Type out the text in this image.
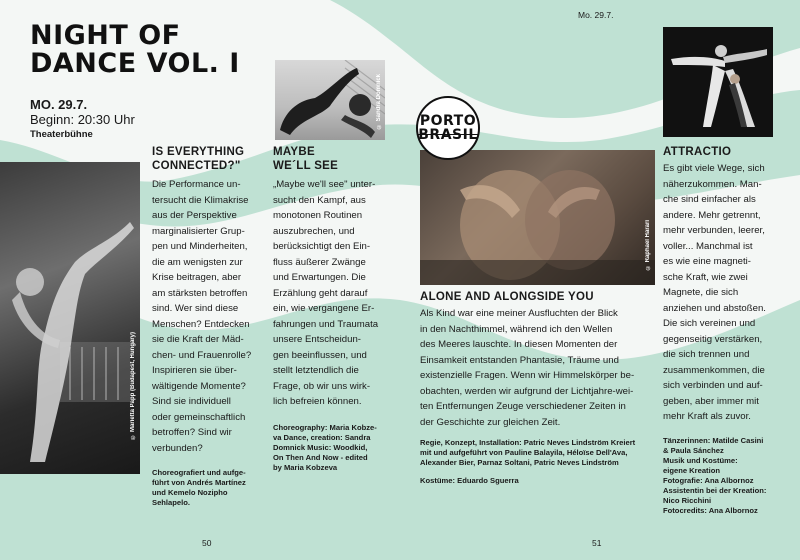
NIGHT OF
DANCE VOL. I
MO. 29.7.
Beginn: 20:30 Uhr
Theaterbühne
Mo. 29.7.
© Marietta Papp (Budapest, Hungary)
IS EVERYTHING
CONNECTED?"
Die Performance un-
tersucht die Klimakrise
aus der Perspektive
marginalisierter Grup-
pen und Minderheiten,
die am wenigsten zur
Krise beitragen, aber
am stärksten betroffen
sind. Wer sind diese
Menschen? Entdecken
sie die Kraft der Mäd-
chen- und Frauenrolle?
Inspirieren sie über-
wältigende Momente?
Sind sie individuell
oder gemeinschaftlich
betroffen? Sind wir
verbunden?
Choreografiert und aufge-
führt von Andrés Martínez
und Kemelo Nozipho
Sehlapelo.
© Sandra Domnick
MAYBE
WE´LL SEE
„Maybe we'll see" unter-
sucht den Kampf, aus
monotonen Routinen
auszubrechen, und
berücksichtigt den Ein-
fluss äußerer Zwänge
und Erwartungen. Die
Erzählung geht darauf
ein, wie vergangene Er-
fahrungen und Traumata
unsere Entscheidun-
gen beeinflussen, und
stellt letztendlich die
Frage, ob wir uns wirk-
lich befreien können.
Choreography: Maria Kobze-
va Dance, creation: Sandra
Domnick Music: Woodkid,
On Then And Now - edited
by Maria Kobzeva
© Raphael Harari
PORTO
BRASIL
ALONE AND ALONGSIDE YOU
Als Kind war eine meiner Ausfluchten der Blick
in den Nachthimmel, während ich den Wellen
des Meeres lauschte. In diesen Momenten der
Einsamkeit entstanden Phantasie, Träume und
existenzielle Fragen. Wenn wir Himmelskörper be-
obachten, werden wir aufgrund der Lichtjahre-wei-
ten Entfernungen Zeuge verschiedener Zeiten in
der Geschichte zur gleichen Zeit.
Regie, Konzept, Installation: Patric Neves Lindström Kreiert
mit und aufgeführt von Pauline Balayila, Héloïse Dell'Ava,
Alexander Bier, Parnaz Soltani, Patric Neves Lindström
Kostüme: Eduardo Sguerra
ATTRACTIO
Es gibt viele Wege, sich
näherzukommen. Man-
che sind einfacher als
andere. Mehr getrennt,
mehr verbunden, leerer,
voller... Manchmal ist
es wie eine magneti-
sche Kraft, wie zwei
Magnete, die sich
anziehen und abstoßen.
Die sich vereinen und
gegenseitig verstärken,
die sich trennen und
zusammenkommen, die
sich verbinden und auf-
geben, aber immer mit
mehr Kraft als zuvor.
Tänzerinnen: Matilde Casini
& Paula Sánchez
Musik und Kostüme:
eigene Kreation
Fotografie: Ana Albornoz
Assistentin bei der Kreation:
Nico Ricchini
Fotocredits: Ana Albornoz
50	51
